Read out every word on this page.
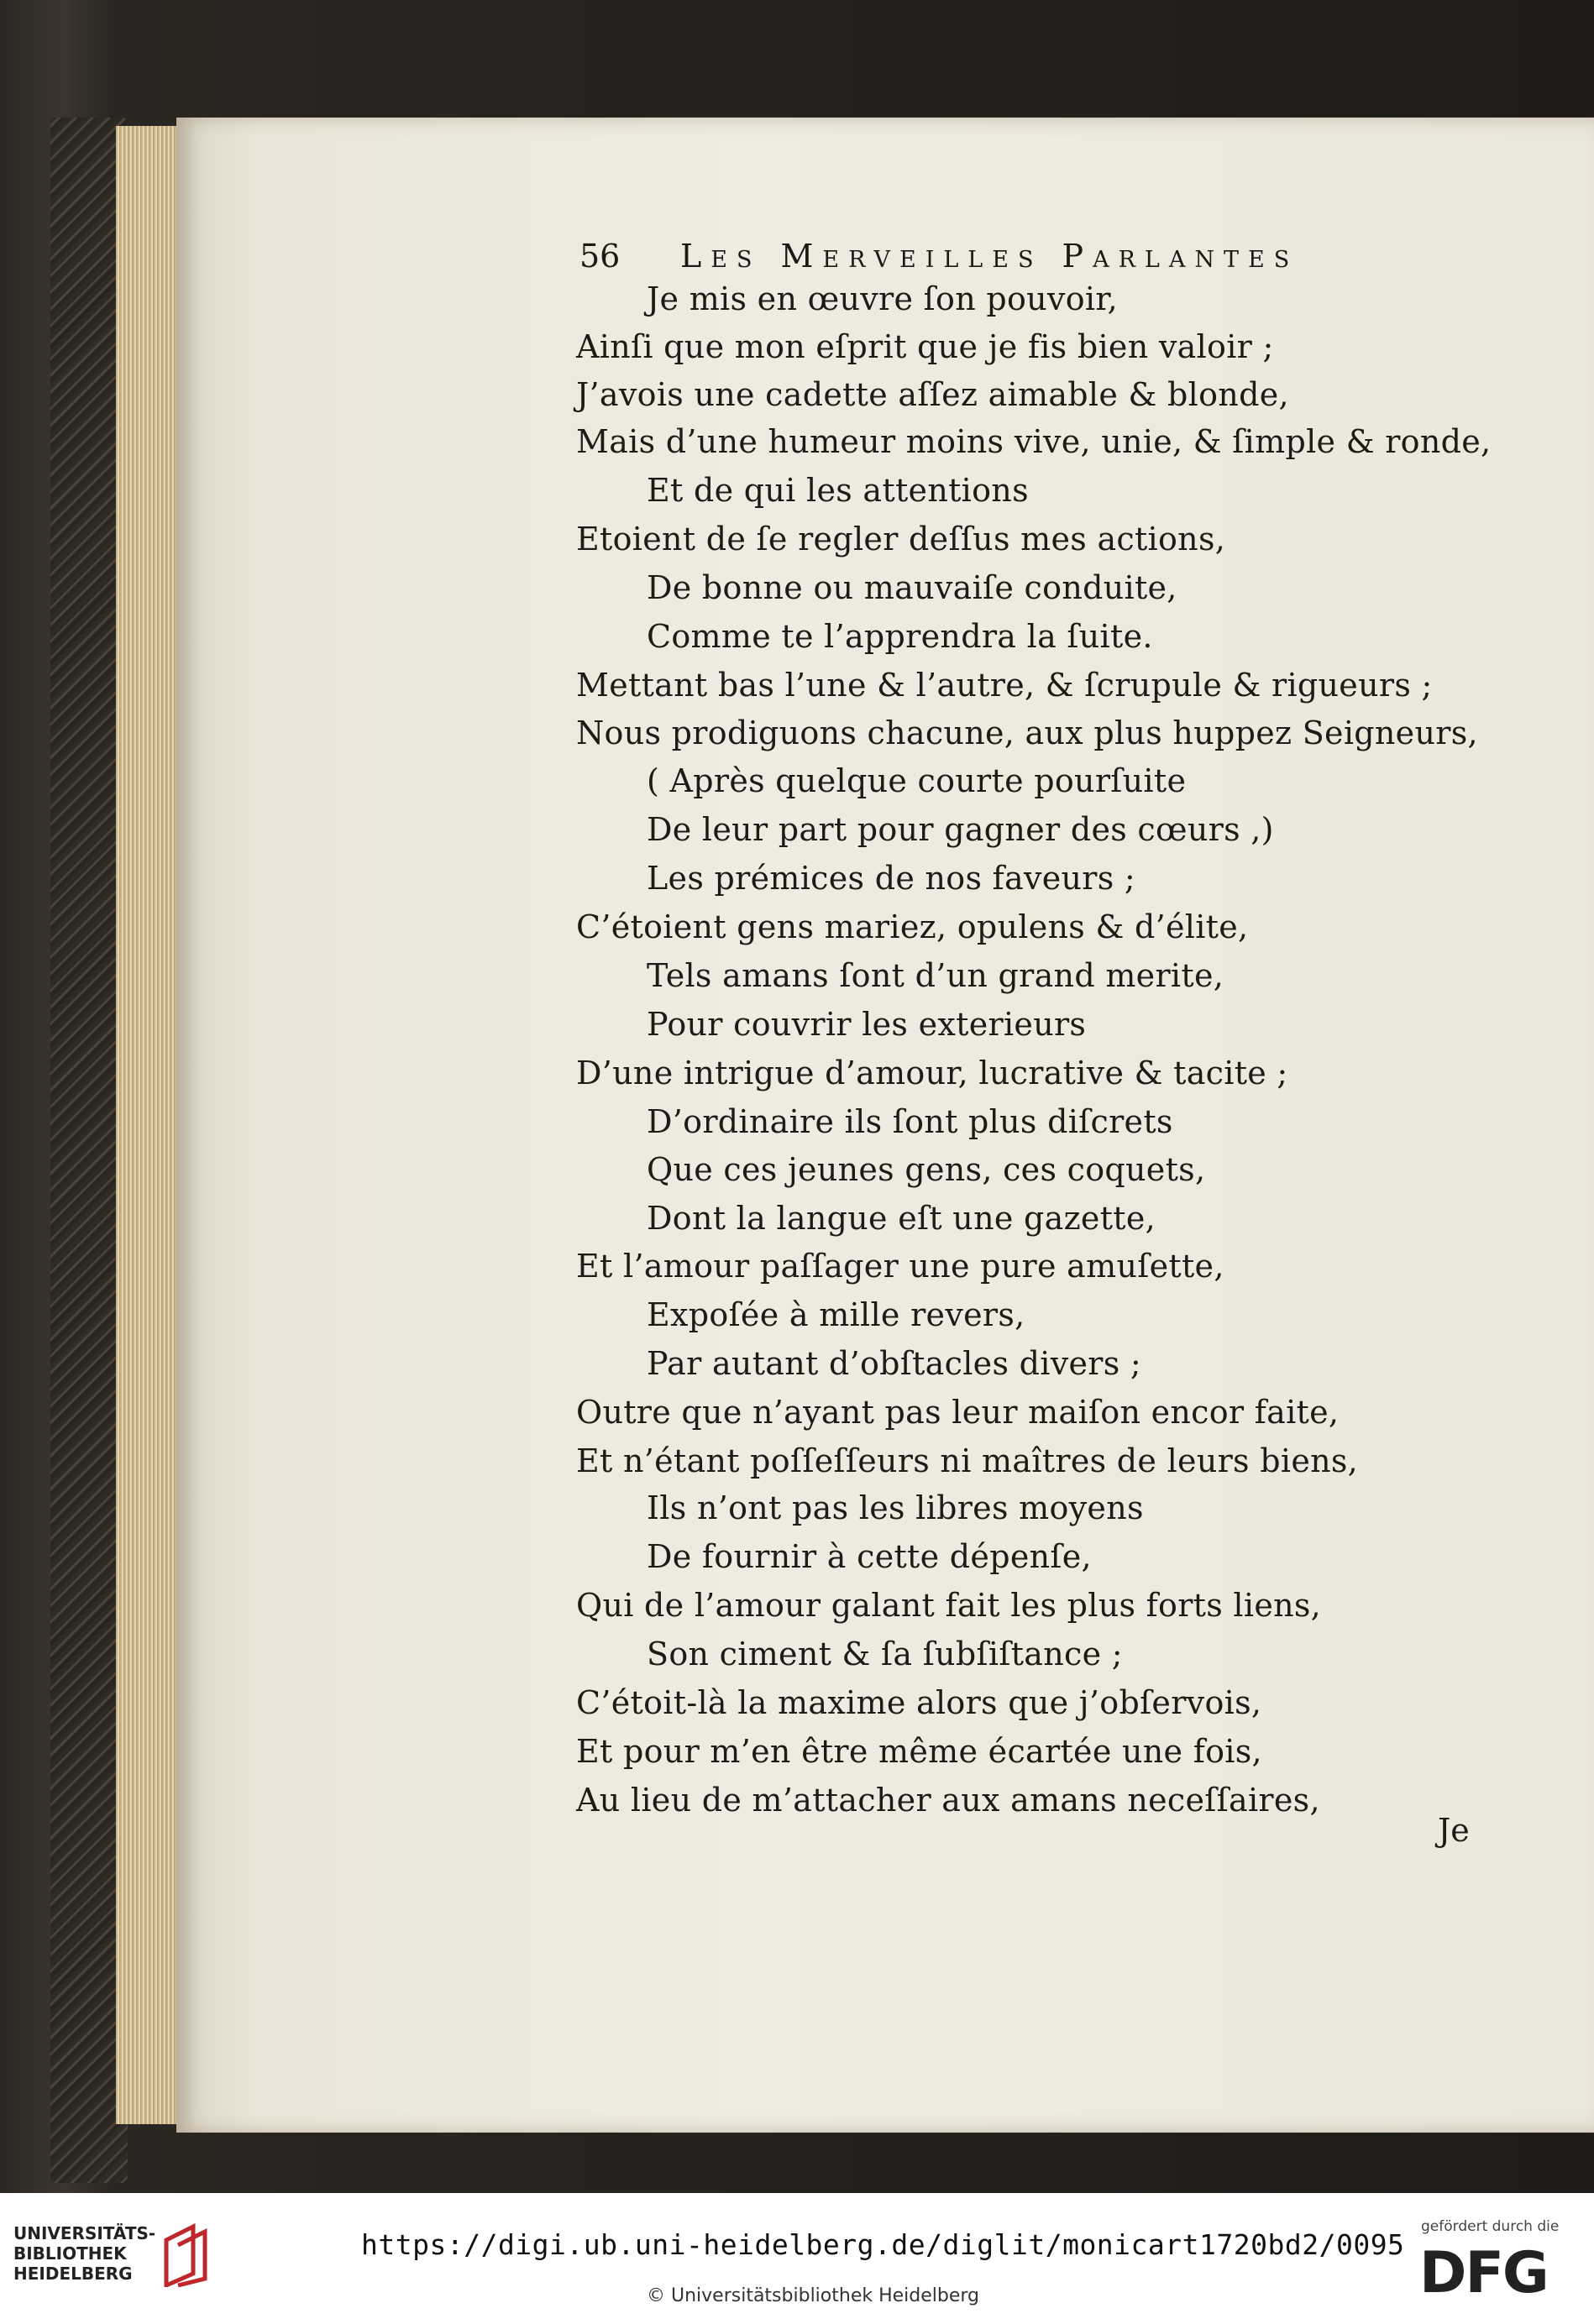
56 Les Merveilles Parlantes
Je mis en œuvre ſon pouvoir,
Ainſi que mon eſprit que je fis bien valoir ;
J’avois une cadette aſſez aimable & blonde,
Mais d’une humeur moins vive, unie, & ſimple & ronde,
Et de qui les attentions
Etoient de ſe regler deſſus mes actions,
De bonne ou mauvaiſe conduite,
Comme te l’apprendra la ſuite.
Mettant bas l’une & l’autre, & ſcrupule & rigueurs ;
Nous prodiguons chacune, aux plus huppez Seigneurs,
( Après quelque courte pourſuite
De leur part pour gagner des cœurs ,)
Les prémices de nos faveurs ;
C’étoient gens mariez, opulens & d’élite,
Tels amans ſont d’un grand merite,
Pour couvrir les exterieurs
D’une intrigue d’amour, lucrative & tacite ;
D’ordinaire ils ſont plus diſcrets
Que ces jeunes gens, ces coquets,
Dont la langue eſt une gazette,
Et l’amour paſſager une pure amuſette,
Expoſée à mille revers,
Par autant d’obſtacles divers ;
Outre que n’ayant pas leur maiſon encor faite,
Et n’étant poſſeſſeurs ni maîtres de leurs biens,
Ils n’ont pas les libres moyens
De fournir à cette dépenſe,
Qui de l’amour galant fait les plus forts liens,
Son ciment & ſa ſubſiſtance ;
C’étoit-là la maxime alors que j’obſervois,
Et pour m’en être même écartée une fois,
Au lieu de m’attacher aux amans neceſſaires,
Je
UNIVERSITÄTS-
BIBLIOTHEK
HEIDELBERG
https://digi.ub.uni-heidelberg.de/diglit/monicart1720bd2/0095
© Universitätsbibliothek Heidelberg
gefördert durch die
DFG
